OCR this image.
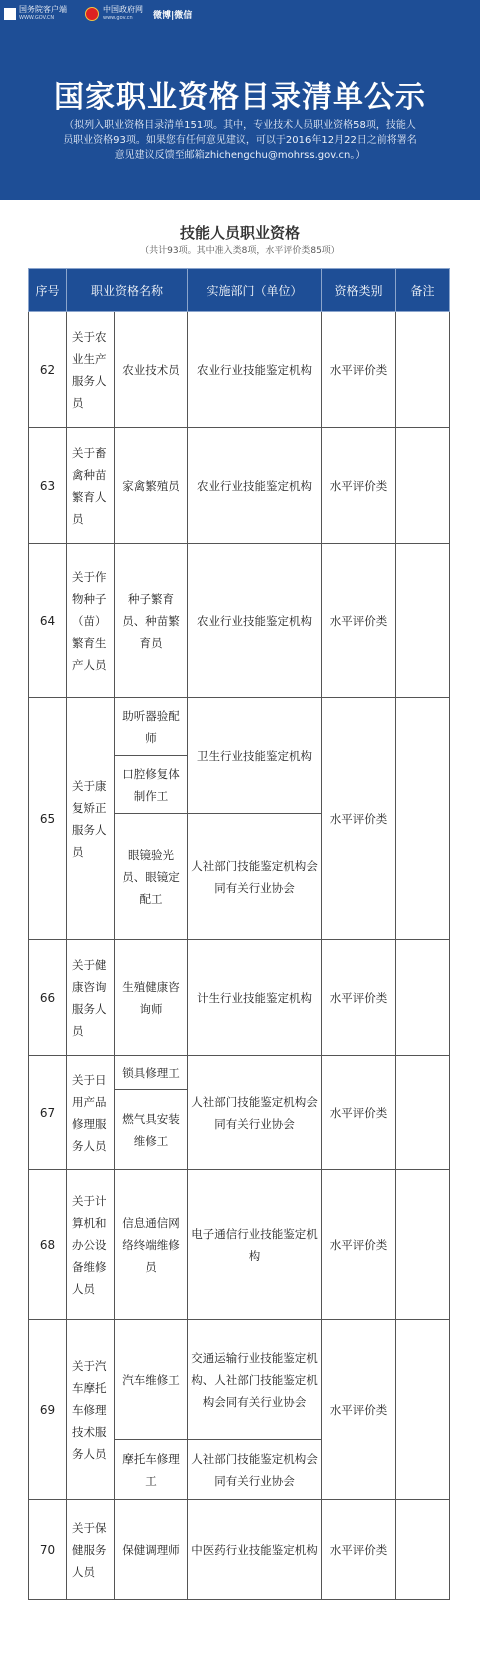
国务院客户端
WWW.GOV.CN
中国政府网
www.gov.cn	微博|微信
国家职业资格目录清单公示
（拟列入职业资格目录清单151项。其中，专业技术人员职业资格58项，技能人员职业资格93项。如果您有任何意见建议，可以于2016年12月22日之前将署名意见建议反馈至邮箱zhichengchu@mohrss.gov.cn。）
技能人员职业资格
（共计93项。其中准入类8项，水平评价类85项）
序号	职业资格名称		实施部门（单位）	资格类别	备注
62	关于农业生产服务人员	农业技术员	农业行业技能鉴定机构	水平评价类	
63	关于畜禽种苗繁育人员	家禽繁殖员	农业行业技能鉴定机构	水平评价类	
64	关于作物种子（苗）繁育生产人员	种子繁育员、种苗繁育员	农业行业技能鉴定机构	水平评价类	
65	关于康复矫正服务人员	助听器验配师	卫生行业技能鉴定机构	水平评价类	
		口腔修复体制作工			
		眼镜验光员、眼镜定配工	人社部门技能鉴定机构会同有关行业协会		
66	关于健康咨询服务人员	生殖健康咨询师	计生行业技能鉴定机构	水平评价类	
67	关于日用产品修理服务人员	锁具修理工	人社部门技能鉴定机构会同有关行业协会	水平评价类	
		燃气具安装维修工			
68	关于计算机和办公设备维修人员	信息通信网络终端维修员	电子通信行业技能鉴定机构	水平评价类	
69	关于汽车摩托车修理技术服务人员	汽车维修工	交通运输行业技能鉴定机构、人社部门技能鉴定机构会同有关行业协会	水平评价类	
		摩托车修理工	人社部门技能鉴定机构会同有关行业协会		
70	关于保健服务人员	保健调理师	中医药行业技能鉴定机构	水平评价类	
